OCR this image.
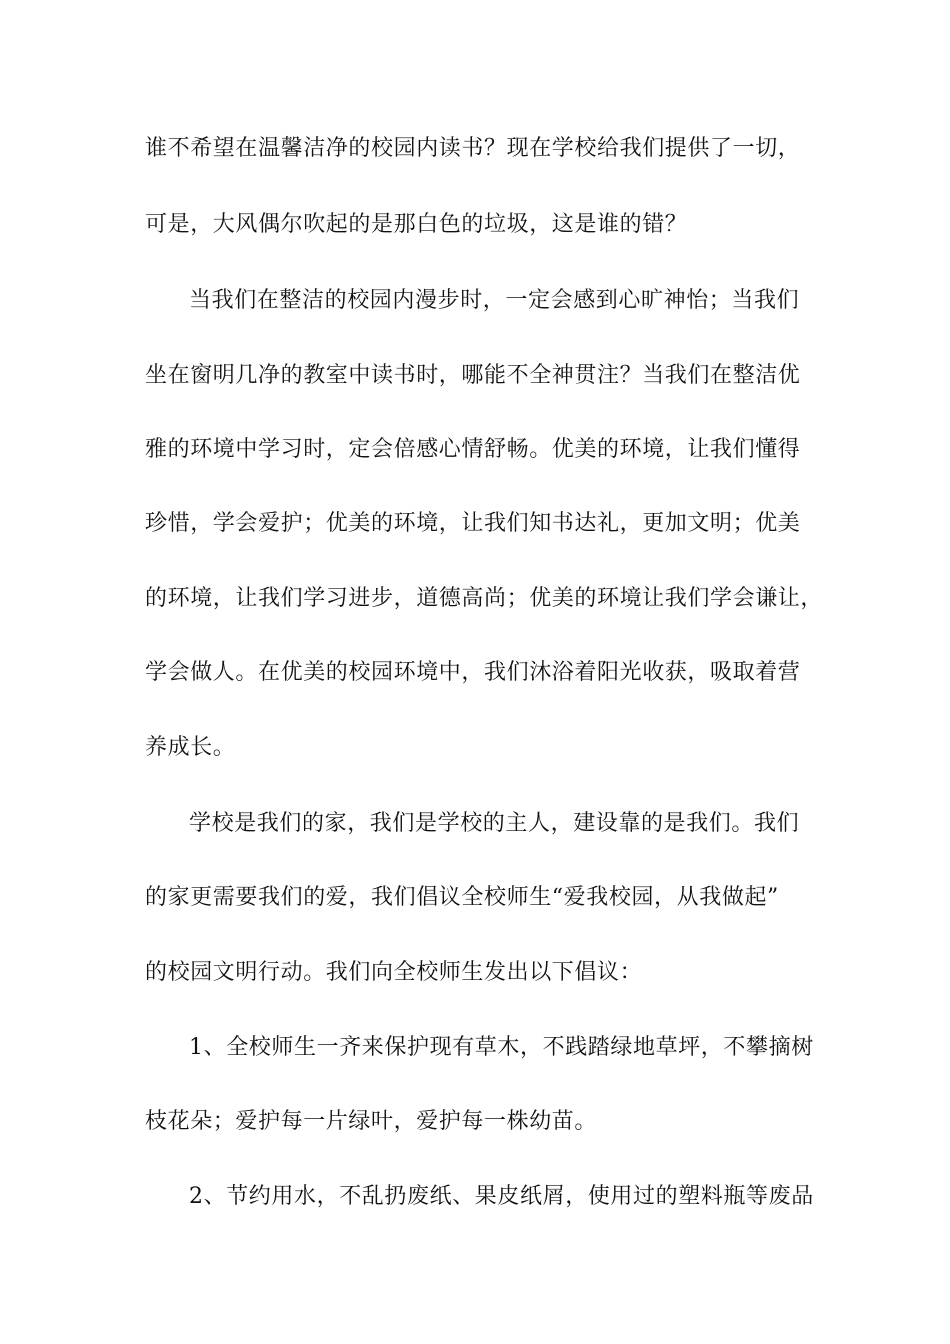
谁不希望在温馨洁净的校园内读书？现在学校给我们提供了一切，

可是，大风偶尔吹起的是那白色的垃圾，这是谁的错？

当我们在整洁的校园内漫步时，一定会感到心旷神怡；当我们

坐在窗明几净的教室中读书时，哪能不全神贯注？当我们在整洁优

雅的环境中学习时，定会倍感心情舒畅。优美的环境，让我们懂得

珍惜，学会爱护；优美的环境，让我们知书达礼，更加文明；优美

的环境，让我们学习进步，道德高尚；优美的环境让我们学会谦让，

学会做人。在优美的校园环境中，我们沐浴着阳光收获，吸取着营

养成长。

学校是我们的家，我们是学校的主人，建设靠的是我们。我们

的家更需要我们的爱，我们倡议全校师生“爱我校园，从我做起”

的校园文明行动。我们向全校师生发出以下倡议：

1、全校师生一齐来保护现有草木，不践踏绿地草坪，不攀摘树

枝花朵；爱护每一片绿叶，爱护每一株幼苗。

2、节约用水，不乱扔废纸、果皮纸屑，使用过的塑料瓶等废品
